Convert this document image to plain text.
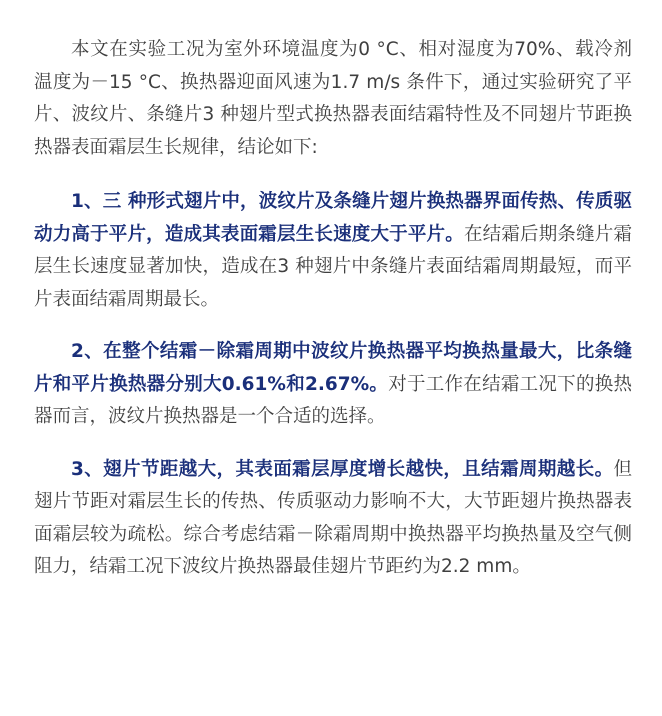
本文在实验工况为室外环境温度为0 °C、相对湿度为70%、载冷剂温度为－15 °C、换热器迎面风速为1.7 m/s 条件下，通过实验研究了平片、波纹片、条缝片3 种翅片型式换热器表面结霜特性及不同翅片节距换热器表面霜层生长规律，结论如下:

1、三 种形式翅片中，波纹片及条缝片翅片换热器界面传热、传质驱动力高于平片，造成其表面霜层生长速度大于平片。在结霜后期条缝片霜层生长速度显著加快，造成在3 种翅片中条缝片表面结霜周期最短，而平片表面结霜周期最长。

2、在整个结霜－除霜周期中波纹片换热器平均换热量最大，比条缝片和平片换热器分别大0.61%和2.67%。对于工作在结霜工况下的换热器而言，波纹片换热器是一个合适的选择。

3、翅片节距越大，其表面霜层厚度增长越快，且结霜周期越长。但翅片节距对霜层生长的传热、传质驱动力影响不大，大节距翅片换热器表面霜层较为疏松。综合考虑结霜－除霜周期中换热器平均换热量及空气侧阻力，结霜工况下波纹片换热器最佳翅片节距约为2.2 mm。
